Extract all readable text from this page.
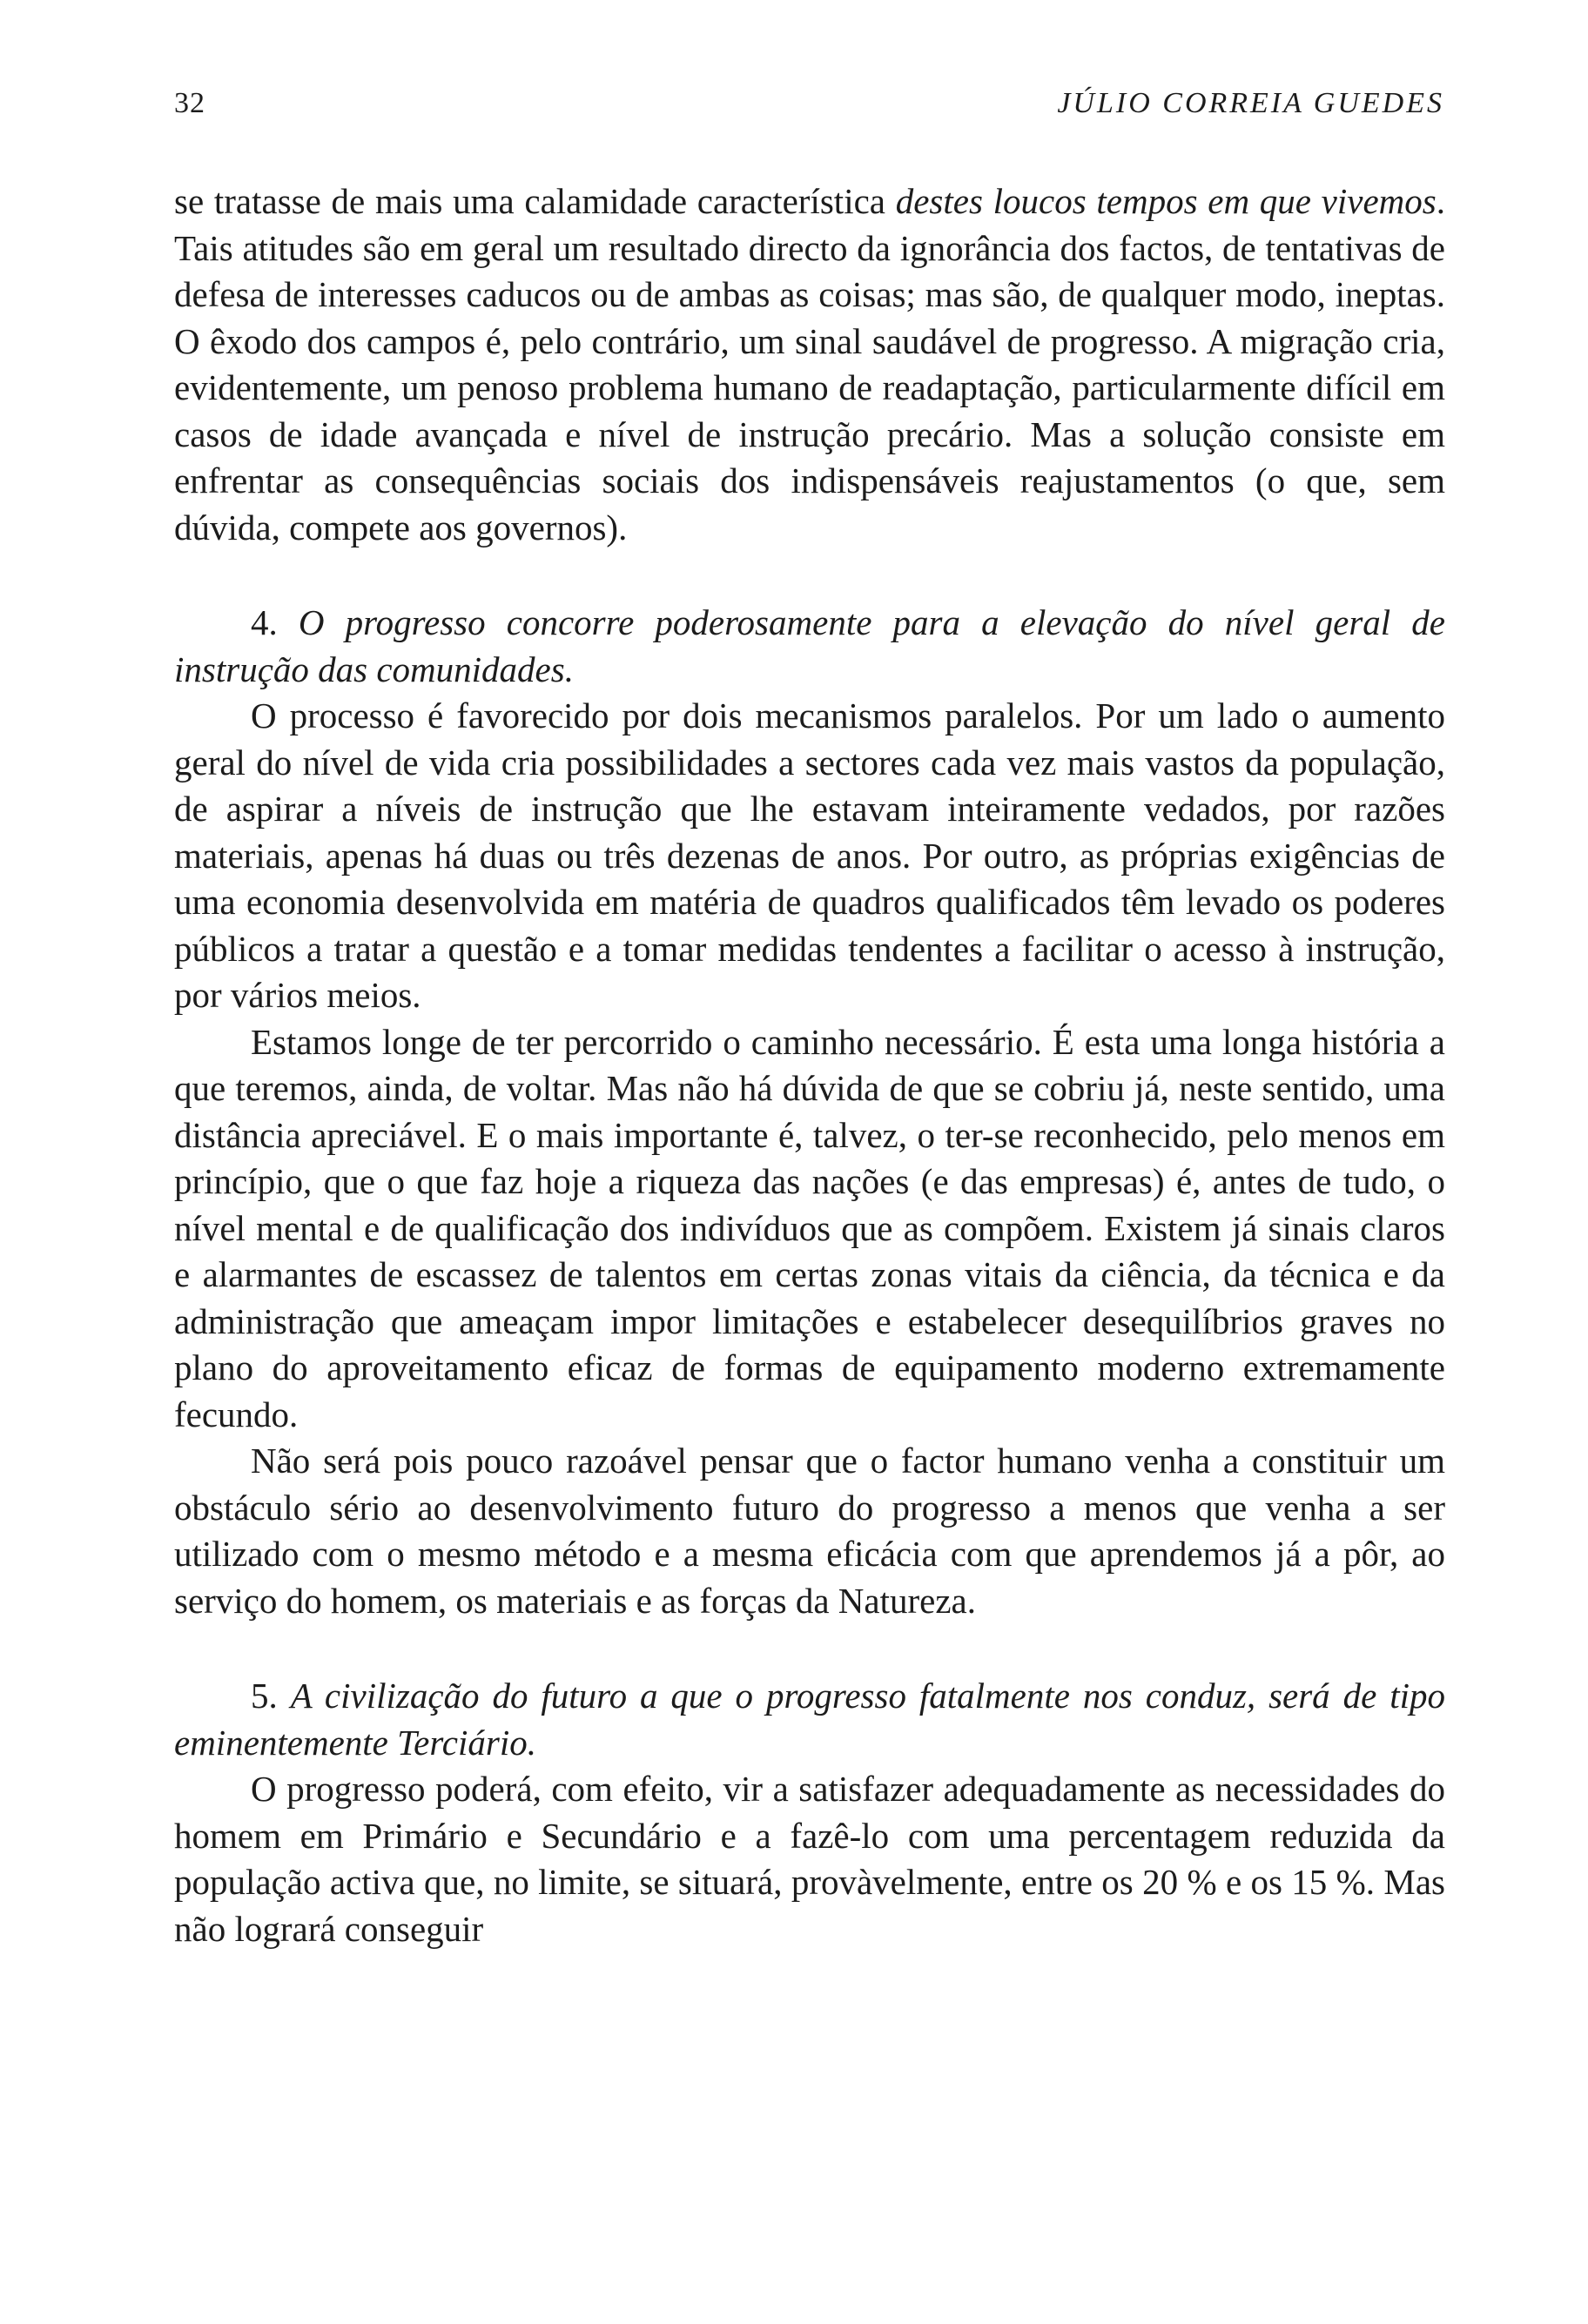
32	JÚLIO CORREIA GUEDES

se tratasse de mais uma calamidade característica destes loucos tempos em que vivemos. Tais atitudes são em geral um resultado directo da ignorância dos factos, de tentativas de defesa de interesses caducos ou de ambas as coisas; mas são, de qualquer modo, ineptas. O êxodo dos campos é, pelo contrário, um sinal saudável de progresso. A migração cria, evidentemente, um penoso problema humano de readaptação, particularmente difícil em casos de idade avançada e nível de instrução precário. Mas a solução consiste em enfrentar as consequências sociais dos indispensáveis reajustamentos (o que, sem dúvida, compete aos governos).

4. O progresso concorre poderosamente para a elevação do nível geral de instrução das comunidades.

O processo é favorecido por dois mecanismos paralelos. Por um lado o aumento geral do nível de vida cria possibilidades a sectores cada vez mais vastos da população, de aspirar a níveis de instrução que lhe estavam inteiramente vedados, por razões materiais, apenas há duas ou três dezenas de anos. Por outro, as próprias exigências de uma economia desenvolvida em matéria de quadros qualificados têm levado os poderes públicos a tratar a questão e a tomar medidas tendentes a facilitar o acesso à instrução, por vários meios.

Estamos longe de ter percorrido o caminho necessário. É esta uma longa história a que teremos, ainda, de voltar. Mas não há dúvida de que se cobriu já, neste sentido, uma distância apreciável. E o mais importante é, talvez, o ter-se reconhecido, pelo menos em princípio, que o que faz hoje a riqueza das nações (e das empresas) é, antes de tudo, o nível mental e de qualificação dos indivíduos que as compõem. Existem já sinais claros e alarmantes de escassez de talentos em certas zonas vitais da ciência, da técnica e da administração que ameaçam impor limitações e estabelecer desequilíbrios graves no plano do aproveitamento eficaz de formas de equipamento moderno extremamente fecundo.

Não será pois pouco razoável pensar que o factor humano venha a constituir um obstáculo sério ao desenvolvimento futuro do progresso a menos que venha a ser utilizado com o mesmo método e a mesma eficácia com que aprendemos já a pôr, ao serviço do homem, os materiais e as forças da Natureza.

5. A civilização do futuro a que o progresso fatalmente nos conduz, será de tipo eminentemente Terciário.

O progresso poderá, com efeito, vir a satisfazer adequadamente as necessidades do homem em Primário e Secundário e a fazê-lo com uma percentagem reduzida da população activa que, no limite, se situará, provàvelmente, entre os 20 % e os 15 %. Mas não logrará conseguir
